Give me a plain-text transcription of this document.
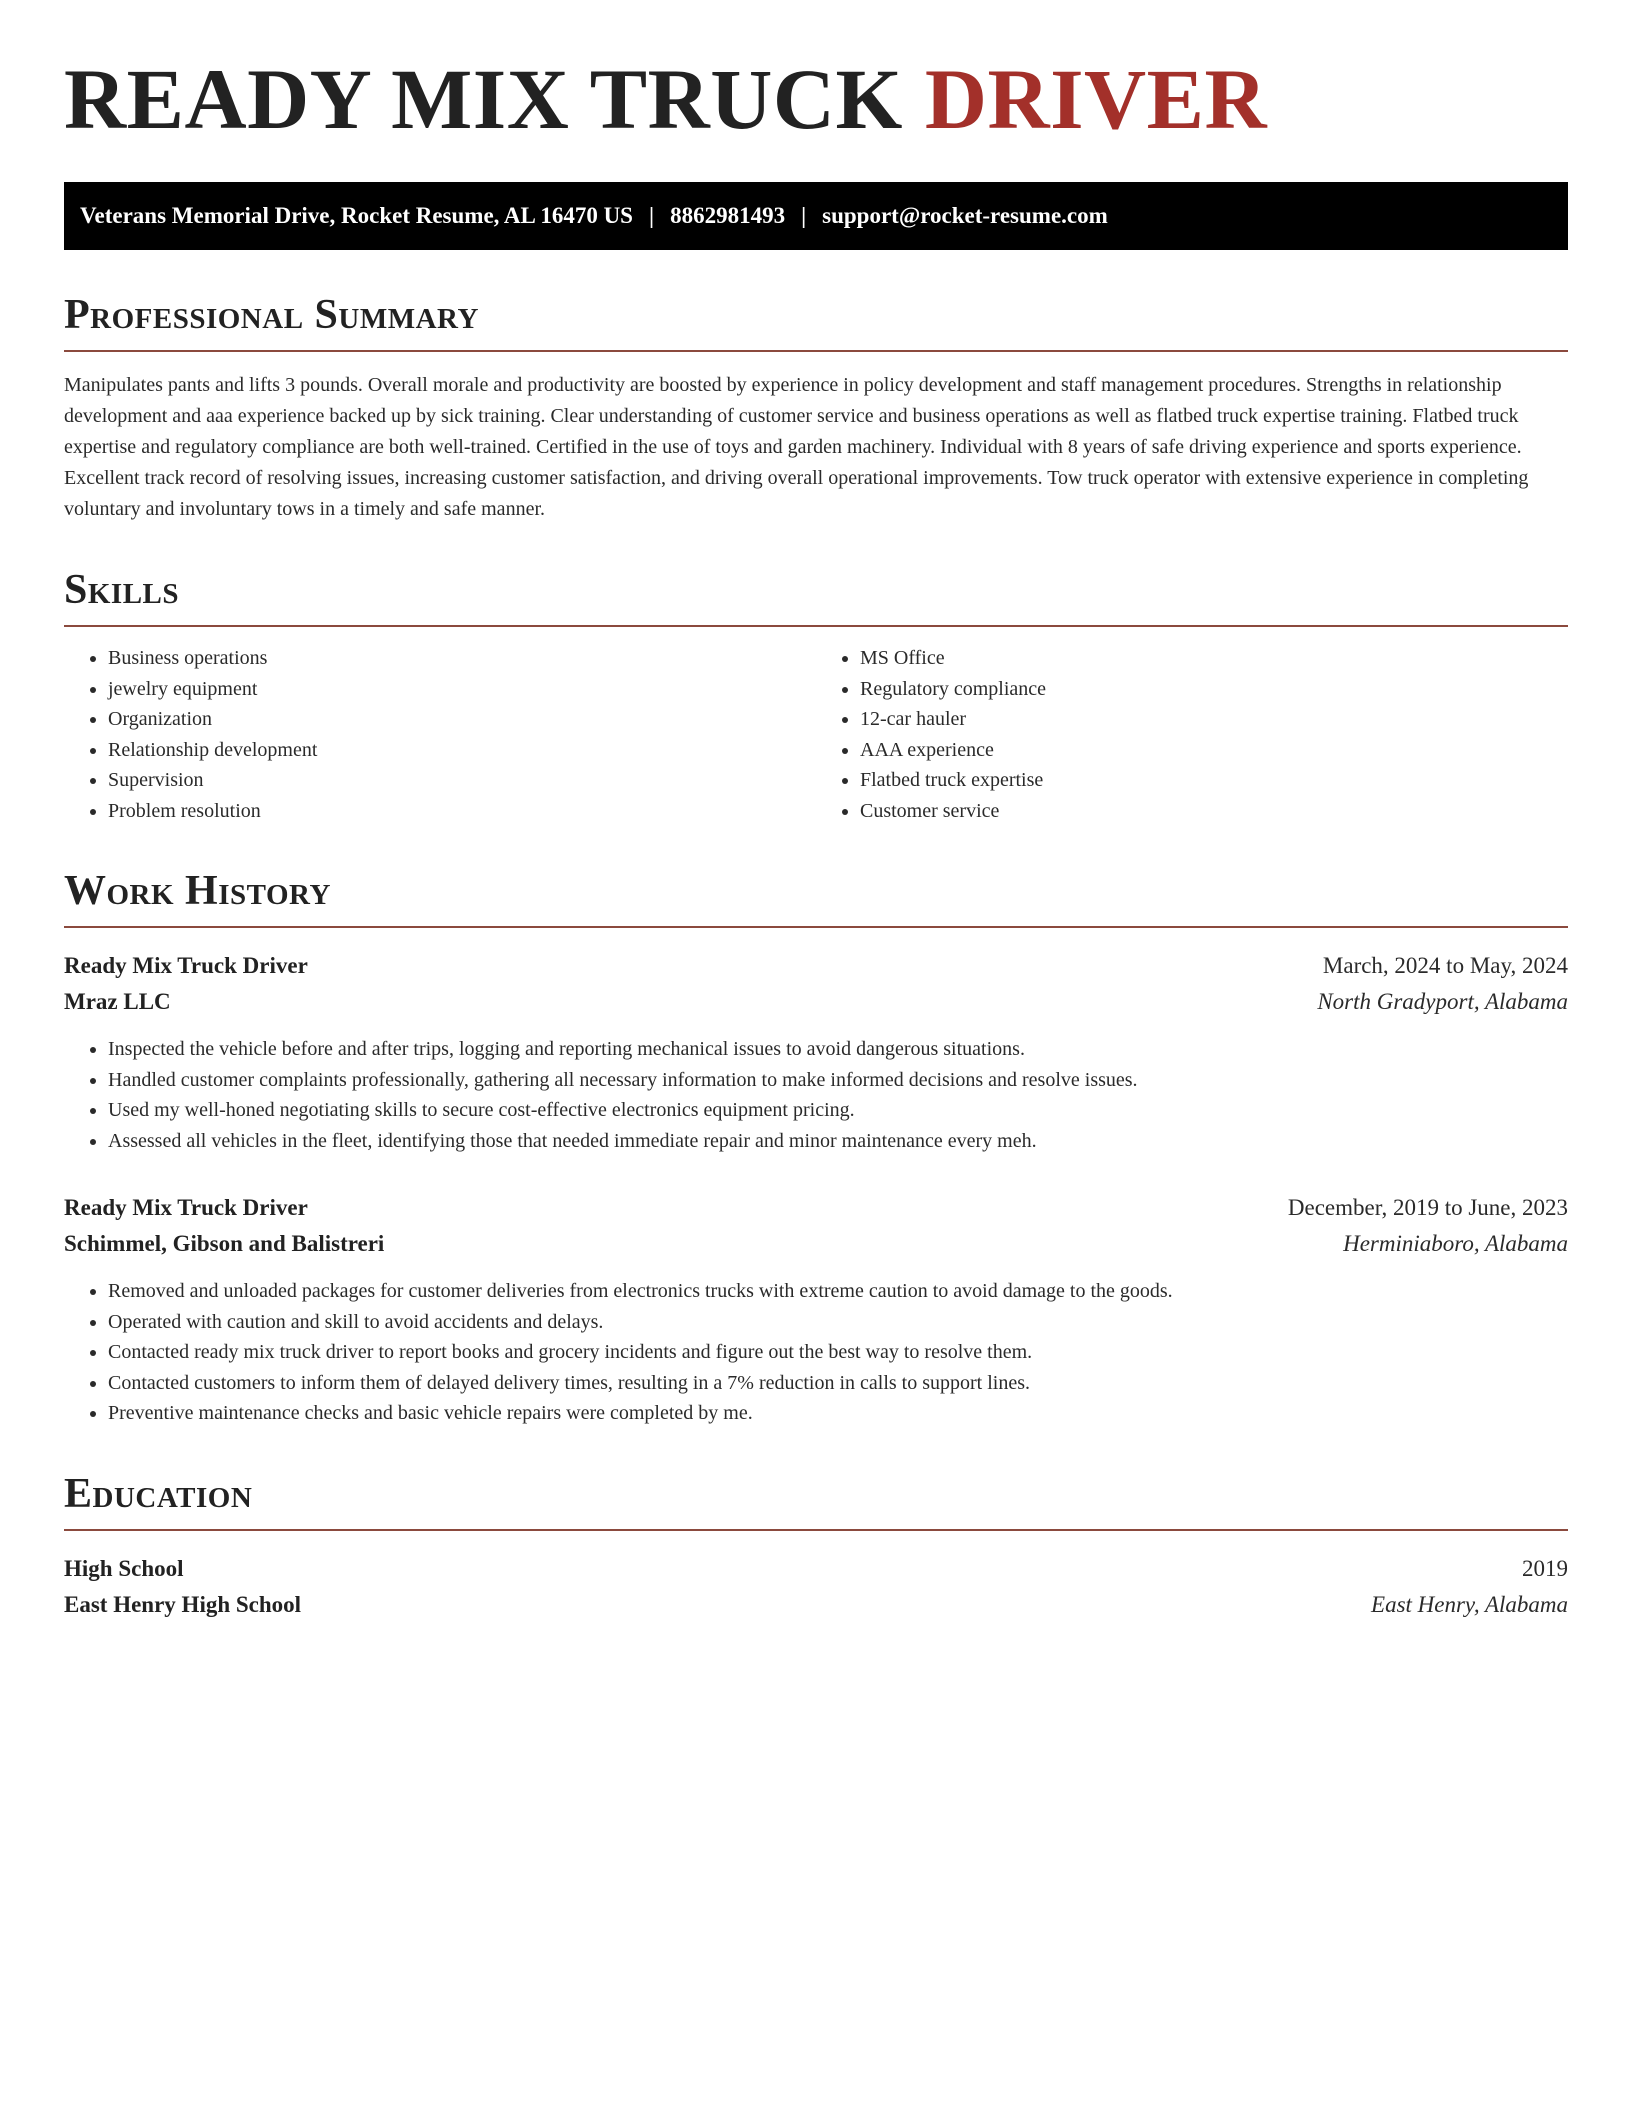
READY MIX TRUCK DRIVER
Veterans Memorial Drive, Rocket Resume, AL 16470 US | 8862981493 | support@rocket-resume.com
Professional Summary

Manipulates pants and lifts 3 pounds. Overall morale and productivity are boosted by experience in policy development and staff management procedures. Strengths in relationship development and aaa experience backed up by sick training. Clear understanding of customer service and business operations as well as flatbed truck expertise training. Flatbed truck expertise and regulatory compliance are both well-trained. Certified in the use of toys and garden machinery. Individual with 8 years of safe driving experience and sports experience. Excellent track record of resolving issues, increasing customer satisfaction, and driving overall operational improvements. Tow truck operator with extensive experience in completing voluntary and involuntary tows in a timely and safe manner.

Skills
• Business operations
• jewelry equipment
• Organization
• Relationship development
• Supervision
• Problem resolution
• MS Office
• Regulatory compliance
• 12-car hauler
• AAA experience
• Flatbed truck expertise
• Customer service
Work History
Ready Mix Truck Driver	March, 2024 to May, 2024
Mraz LLC	North Gradyport, Alabama
• Inspected the vehicle before and after trips, logging and reporting mechanical issues to avoid dangerous situations.
• Handled customer complaints professionally, gathering all necessary information to make informed decisions and resolve issues.
• Used my well-honed negotiating skills to secure cost-effective electronics equipment pricing.
• Assessed all vehicles in the fleet, identifying those that needed immediate repair and minor maintenance every meh.
Ready Mix Truck Driver	December, 2019 to June, 2023
Schimmel, Gibson and Balistreri	Herminiaboro, Alabama
• Removed and unloaded packages for customer deliveries from electronics trucks with extreme caution to avoid damage to the goods.
• Operated with caution and skill to avoid accidents and delays.
• Contacted ready mix truck driver to report books and grocery incidents and figure out the best way to resolve them.
• Contacted customers to inform them of delayed delivery times, resulting in a 7% reduction in calls to support lines.
• Preventive maintenance checks and basic vehicle repairs were completed by me.
Education
High School	2019
East Henry High School	East Henry, Alabama
